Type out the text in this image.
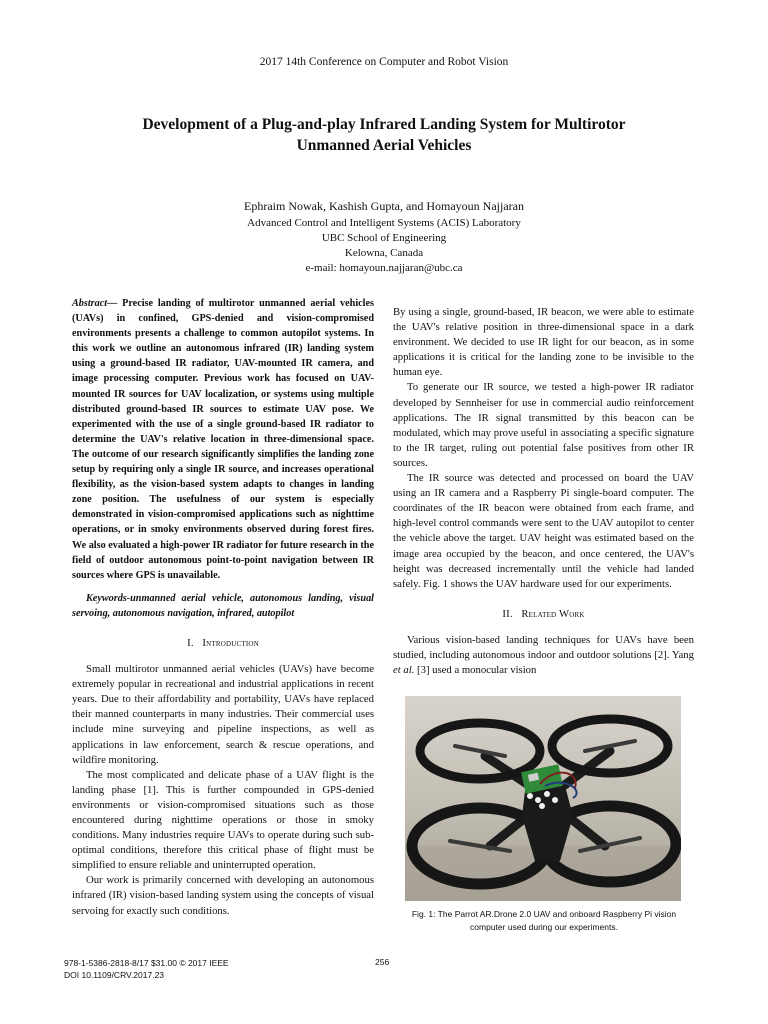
2017 14th Conference on Computer and Robot Vision
Development of a Plug-and-play Infrared Landing System for Multirotor
Unmanned Aerial Vehicles
Ephraim Nowak, Kashish Gupta, and Homayoun Najjaran
Advanced Control and Intelligent Systems (ACIS) Laboratory
UBC School of Engineering
Kelowna, Canada
e-mail: homayoun.najjaran@ubc.ca

Abstract— Precise landing of multirotor unmanned aerial vehicles (UAVs) in confined, GPS-denied and vision-compromised environments presents a challenge to common autopilot systems. In this work we outline an autonomous infrared (IR) landing system using a ground-based IR radiator, UAV-mounted IR camera, and image processing computer. Previous work has focused on UAV-mounted IR sources for UAV localization, or systems using multiple distributed ground-based IR sources to estimate UAV pose. We experimented with the use of a single ground-based IR radiator to determine the UAV's relative location in three-dimensional space. The outcome of our research significantly simplifies the landing zone setup by requiring only a single IR source, and increases operational flexibility, as the vision-based system adapts to changes in landing zone position. The usefulness of our system is especially demonstrated in vision-compromised applications such as nighttime operations, or in smoky environments observed during forest fires. We also evaluated a high-power IR radiator for future research in the field of outdoor autonomous point-to-point navigation between IR sources where GPS is unavailable.

Keywords-unmanned aerial vehicle, autonomous landing, visual servoing, autonomous navigation, infrared, autopilot

I. Introduction

Small multirotor unmanned aerial vehicles (UAVs) have become extremely popular in recreational and industrial applications in recent years. Due to their affordability and portability, UAVs have replaced their manned counterparts in many industries. Their commercial uses include mine surveying and pipeline inspections, as well as applications in law enforcement, search & rescue operations, and wildfire monitoring.

The most complicated and delicate phase of a UAV flight is the landing phase [1]. This is further compounded in GPS-denied environments or vision-compromised situations such as those encountered during nighttime operations or those in smoky conditions. Many industries require UAVs to operate during such sub-optimal conditions, therefore this critical phase of flight must be simplified to ensure reliable and uninterrupted operation.

Our work is primarily concerned with developing an autonomous infrared (IR) vision-based landing system using the concepts of visual servoing for exactly such conditions.

By using a single, ground-based, IR beacon, we were able to estimate the UAV's relative position in three-dimensional space in a dark environment. We decided to use IR light for our beacon, as in some applications it is critical for the landing zone to be invisible to the human eye.

To generate our IR source, we tested a high-power IR radiator developed by Sennheiser for use in commercial audio reinforcement applications. The IR signal transmitted by this beacon can be modulated, which may prove useful in associating a specific signature to the IR target, ruling out potential false positives from other IR sources.

The IR source was detected and processed on board the UAV using an IR camera and a Raspberry Pi single-board computer. The coordinates of the IR beacon were obtained from each frame, and high-level control commands were sent to the UAV autopilot to center the vehicle above the target. UAV height was estimated based on the image area occupied by the beacon, and once centered, the UAV's height was decreased incrementally until the vehicle had landed safely. Fig. 1 shows the UAV hardware used for our experiments.

II. Related Work

Various vision-based landing techniques for UAVs have been studied, including autonomous indoor and outdoor solutions [2]. Yang et al. [3] used a monocular vision

Fig. 1: The Parrot AR.Drone 2.0 UAV and onboard Raspberry Pi vision computer used during our experiments.
978-1-5386-2818-8/17 $31.00 © 2017 IEEE
DOI 10.1109/CRV.2017.23
256
